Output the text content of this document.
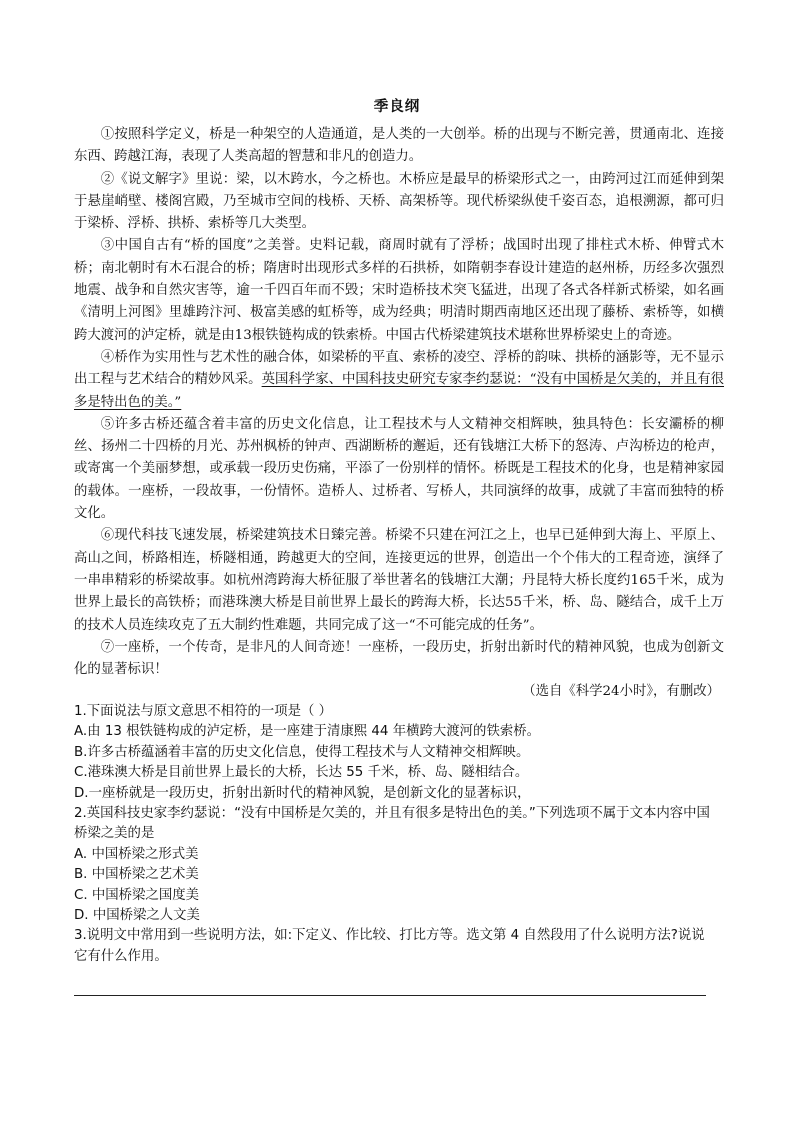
季良纲

①按照科学定义，桥是一种架空的人造通道，是人类的一大创举。桥的出现与不断完善，贯通南北、连接东西、跨越江海，表现了人类高超的智慧和非凡的创造力。

②《说文解字》里说：梁，以木跨水，今之桥也。木桥应是最早的桥梁形式之一，由跨河过江而延伸到架于悬崖峭壁、楼阁宫殿，乃至城市空间的栈桥、天桥、高架桥等。现代桥梁纵使千姿百态，追根溯源，都可归于梁桥、浮桥、拱桥、索桥等几大类型。

③中国自古有“桥的国度”之美誉。史料记载，商周时就有了浮桥；战国时出现了排柱式木桥、伸臂式木桥；南北朝时有木石混合的桥；隋唐时出现形式多样的石拱桥，如隋朝李春设计建造的赵州桥，历经多次强烈地震、战争和自然灾害等，逾一千四百年而不毁；宋时造桥技术突飞猛进，出现了各式各样新式桥梁，如名画《清明上河图》里雄跨汴河、极富美感的虹桥等，成为经典；明清时期西南地区还出现了藤桥、索桥等，如横跨大渡河的泸定桥，就是由13根铁链构成的铁索桥。中国古代桥梁建筑技术堪称世界桥梁史上的奇迹。

④桥作为实用性与艺术性的融合体，如梁桥的平直、索桥的凌空、浮桥的韵味、拱桥的涵影等，无不显示出工程与艺术结合的精妙风采。英国科学家、中国科技史研究专家李约瑟说：“没有中国桥是欠美的，并且有很多是特出色的美。”

⑤许多古桥还蕴含着丰富的历史文化信息，让工程技术与人文精神交相辉映，独具特色：长安灞桥的柳丝、扬州二十四桥的月光、苏州枫桥的钟声、西湖断桥的邂逅，还有钱塘江大桥下的怒涛、卢沟桥边的枪声，或寄寓一个美丽梦想，或承载一段历史伤痛，平添了一份别样的情怀。桥既是工程技术的化身，也是精神家园的载体。一座桥，一段故事，一份情怀。造桥人、过桥者、写桥人，共同演绎的故事，成就了丰富而独特的桥文化。

⑥现代科技飞速发展，桥梁建筑技术日臻完善。桥梁不只建在河江之上，也早已延伸到大海上、平原上、高山之间，桥路相连，桥隧相通，跨越更大的空间，连接更远的世界，创造出一个个伟大的工程奇迹，演绎了一串串精彩的桥梁故事。如杭州湾跨海大桥征服了举世著名的钱塘江大潮；丹昆特大桥长度约165千米，成为世界上最长的高铁桥；而港珠澳大桥是目前世界上最长的跨海大桥，长达55千米，桥、岛、隧结合，成千上万的技术人员连续攻克了五大制约性难题，共同完成了这一“不可能完成的任务”。

⑦一座桥，一个传奇，是非凡的人间奇迹！一座桥，一段历史，折射出新时代的精神风貌，也成为创新文化的显著标识！

（选自《科学24小时》，有删改）

1.下面说法与原文意思不相符的一项是（ ）

A.由 13 根铁链构成的泸定桥，是一座建于清康熙 44 年横跨大渡河的铁索桥。

B.许多古桥蕴涵着丰富的历史文化信息，使得工程技术与人文精神交相辉映。

C.港珠澳大桥是目前世界上最长的大桥，长达 55 千米，桥、岛、隧相结合。

D.一座桥就是一段历史，折射出新时代的精神风貌，是创新文化的显著标识，

2.英国科技史家李约瑟说：“没有中国桥是欠美的，并且有很多是特出色的美。”下列选项不属于文本内容中国桥梁之美的是

A. 中国桥梁之形式美

B. 中国桥梁之艺术美

C. 中国桥梁之国度美

D. 中国桥梁之人文美

3.说明文中常用到一些说明方法，如:下定义、作比较、打比方等。选文第 4 自然段用了什么说明方法?说说它有什么作用。
